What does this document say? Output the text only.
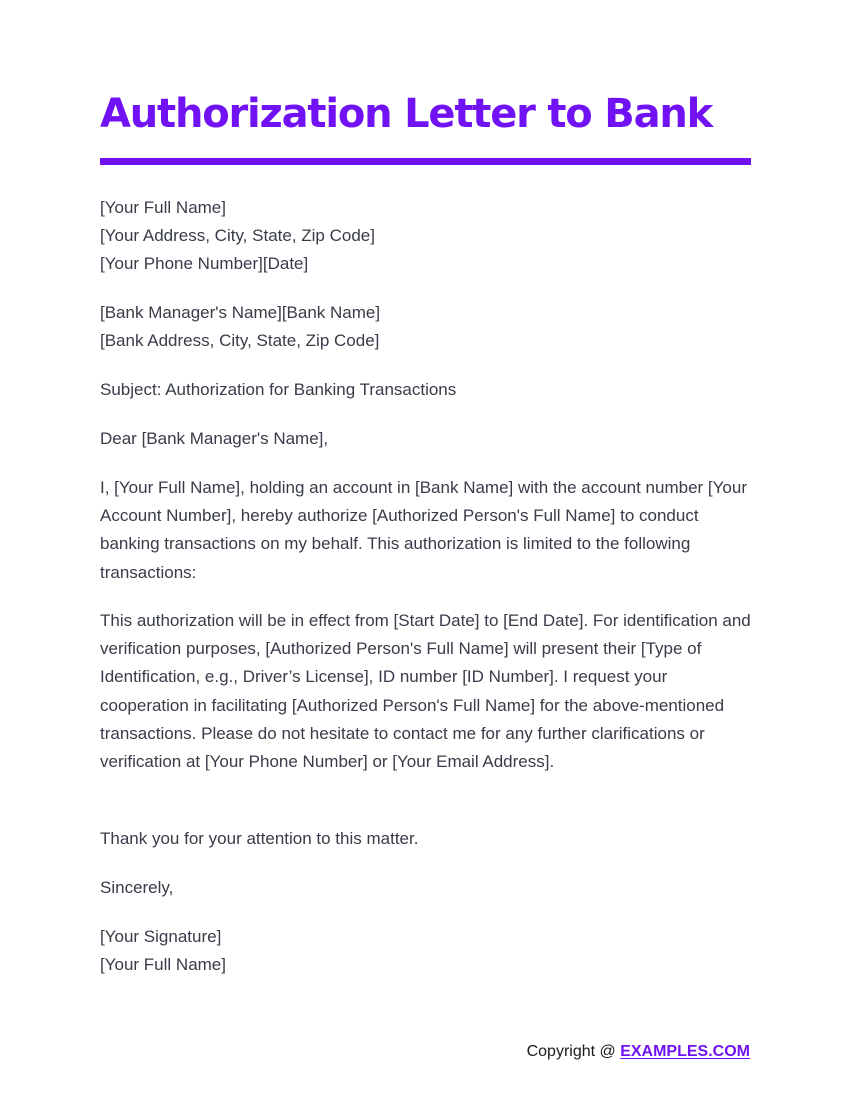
Authorization Letter to Bank
[Your Full Name]
[Your Address, City, State, Zip Code]
[Your Phone Number][Date]
[Bank Manager's Name][Bank Name]
[Bank Address, City, State, Zip Code]

Subject: Authorization for Banking Transactions

Dear [Bank Manager's Name],

I, [Your Full Name], holding an account in [Bank Name] with the account number [Your Account Number], hereby authorize [Authorized Person's Full Name] to conduct banking transactions on my behalf. This authorization is limited to the following transactions:

This authorization will be in effect from [Start Date] to [End Date]. For identification and verification purposes, [Authorized Person's Full Name] will present their [Type of Identification, e.g., Driver’s License], ID number [ID Number]. I request your cooperation in facilitating [Authorized Person's Full Name] for the above-mentioned transactions. Please do not hesitate to contact me for any further clarifications or verification at [Your Phone Number] or [Your Email Address].

Thank you for your attention to this matter.

Sincerely,

[Your Signature]
[Your Full Name]
Copyright @ EXAMPLES.COM
